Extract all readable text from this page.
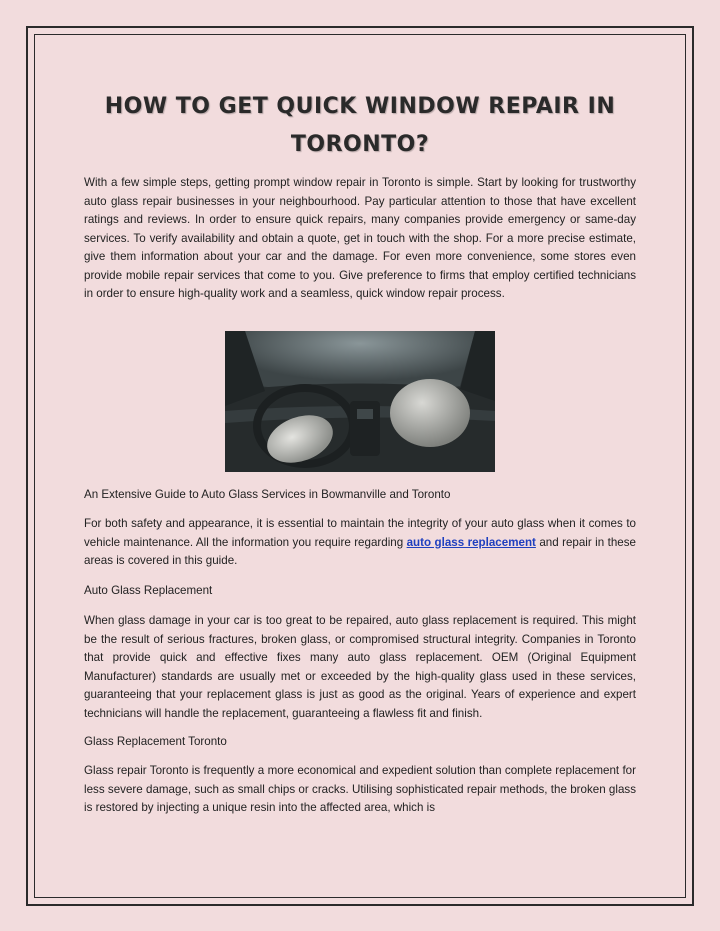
HOW TO GET QUICK WINDOW REPAIR IN TORONTO?

With a few simple steps, getting prompt window repair in Toronto is simple. Start by looking for trustworthy auto glass repair businesses in your neighbourhood. Pay particular attention to those that have excellent ratings and reviews. In order to ensure quick repairs, many companies provide emergency or same-day services. To verify availability and obtain a quote, get in touch with the shop. For a more precise estimate, give them information about your car and the damage. For even more convenience, some stores even provide mobile repair services that come to you. Give preference to firms that employ certified technicians in order to ensure high-quality work and a seamless, quick window repair process.

An Extensive Guide to Auto Glass Services in Bowmanville and Toronto

For both safety and appearance, it is essential to maintain the integrity of your auto glass when it comes to vehicle maintenance. All the information you require regarding auto glass replacement and repair in these areas is covered in this guide.

Auto Glass Replacement

When glass damage in your car is too great to be repaired, auto glass replacement is required. This might be the result of serious fractures, broken glass, or compromised structural integrity. Companies in Toronto that provide quick and effective fixes many auto glass replacement. OEM (Original Equipment Manufacturer) standards are usually met or exceeded by the high-quality glass used in these services, guaranteeing that your replacement glass is just as good as the original. Years of experience and expert technicians will handle the replacement, guaranteeing a flawless fit and finish.

Glass Replacement Toronto

Glass repair Toronto is frequently a more economical and expedient solution than complete replacement for less severe damage, such as small chips or cracks. Utilising sophisticated repair methods, the broken glass is restored by injecting a unique resin into the affected area, which is
